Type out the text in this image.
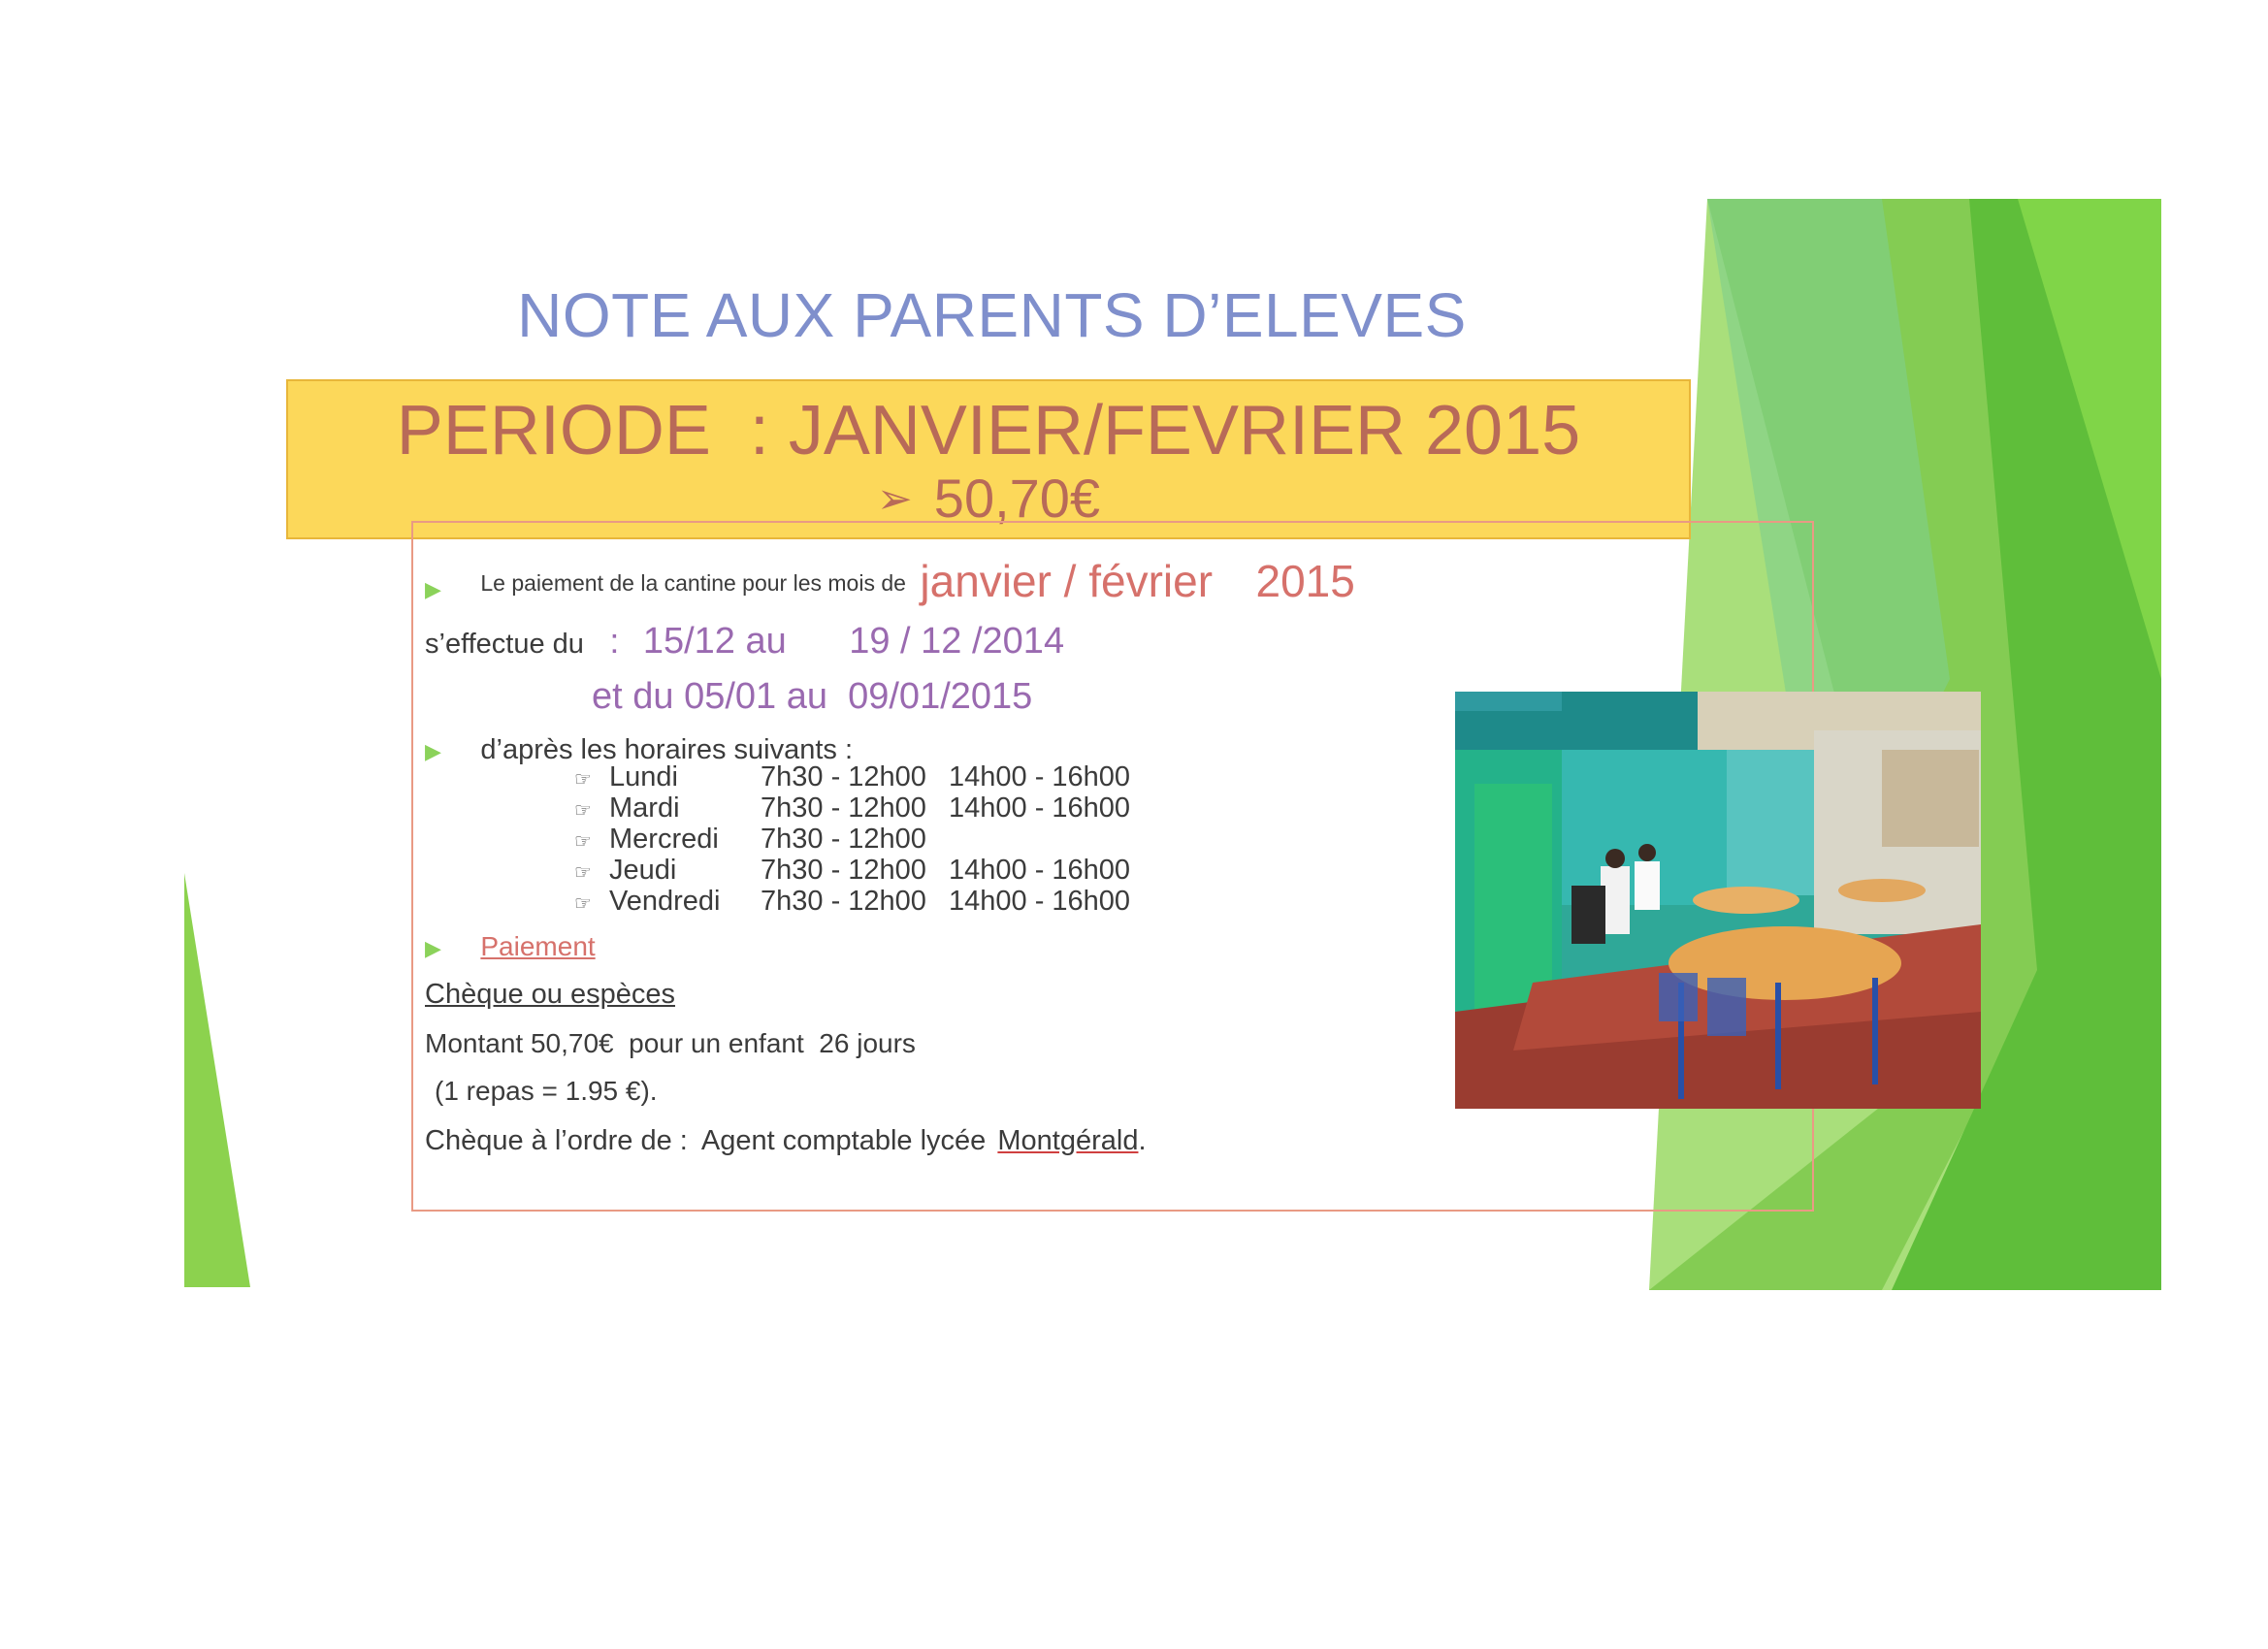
NOTE AUX PARENTS D’ELEVES
PERIODE  : JANVIER/FEVRIER 2015
➢ 50,70€
▶ Le paiement de la cantine pour les mois de janvier / février 2015
s’effectue du : 15/12 au 19 / 12 /2014
et du 05/01 au  09/01/2015
▶ d’après les horaires suivants :
☞ Lundi	7h30 - 12h00 14h00 - 16h00
☞ Mardi	7h30 - 12h00 14h00 - 16h00
☞ Mercredi 7h30 - 12h00
☞ Jeudi	7h30 - 12h00 14h00 - 16h00
☞ Vendredi 7h30 - 12h00 14h00 - 16h00
▶ Paiement
Chèque ou espèces
Montant 50,70€  pour un enfant  26 jours
(1 repas = 1.95 €).
Chèque à l’ordre de : Agent comptable lycée Montgérald.
